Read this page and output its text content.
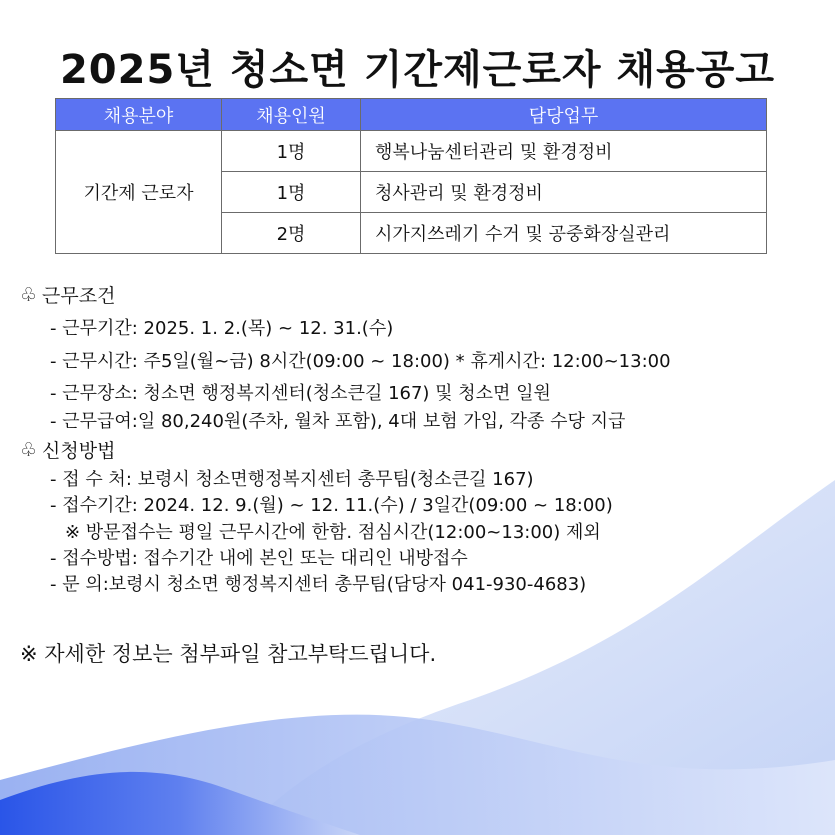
2025년 청소면 기간제근로자 채용공고
채용분야	채용인원	담당업무
기간제 근로자	1명	행복나눔센터관리 및 환경정비
	1명	청사관리 및 환경정비
	2명	시가지쓰레기 수거 및 공중화장실관리
♧ 근무조건
- 근무기간: 2025. 1. 2.(목) ~ 12. 31.(수)
- 근무시간: 주5일(월~금) 8시간(09:00 ~ 18:00) * 휴게시간: 12:00~13:00
- 근무장소: 청소면 행정복지센터(청소큰길 167) 및 청소면 일원
- 근무급여:일 80,240원(주차, 월차 포함), 4대 보험 가입, 각종 수당 지급
♧ 신청방법
- 접 수 처: 보령시 청소면행정복지센터 총무팀(청소큰길 167)
- 접수기간: 2024. 12. 9.(월) ~ 12. 11.(수) / 3일간(09:00 ~ 18:00)
※ 방문접수는 평일 근무시간에 한함. 점심시간(12:00~13:00) 제외
- 접수방법: 접수기간 내에 본인 또는 대리인 내방접수
- 문 의:보령시 청소면 행정복지센터 총무팀(담당자 041-930-4683)
※ 자세한 정보는 첨부파일 참고부탁드립니다.
